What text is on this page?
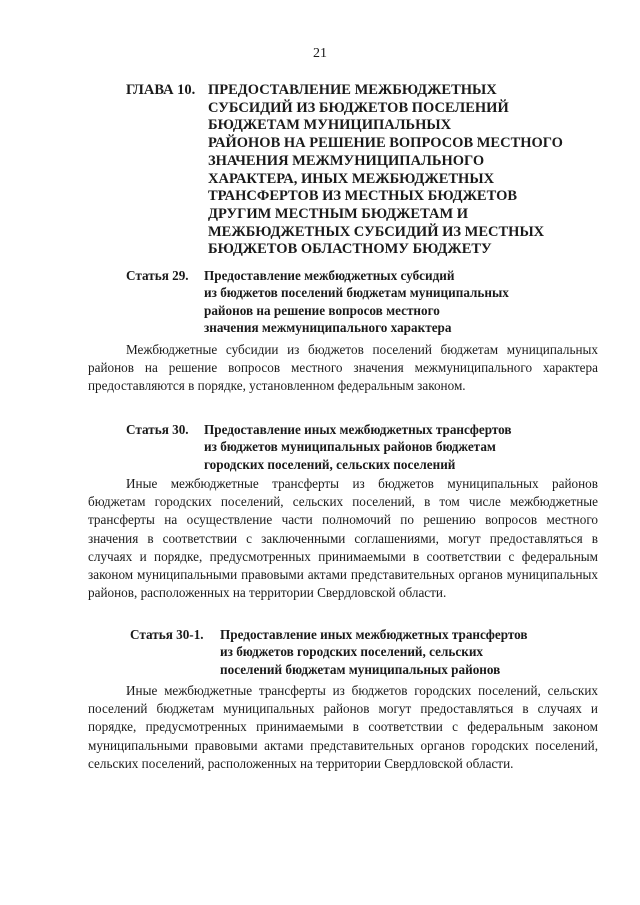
21
ГЛАВА 10. ПРЕДОСТАВЛЕНИЕ МЕЖБЮДЖЕТНЫХ
СУБСИДИЙ ИЗ БЮДЖЕТОВ ПОСЕЛЕНИЙ
БЮДЖЕТАМ МУНИЦИПАЛЬНЫХ
РАЙОНОВ НА РЕШЕНИЕ ВОПРОСОВ МЕСТНОГО
ЗНАЧЕНИЯ МЕЖМУНИЦИПАЛЬНОГО
ХАРАКТЕРА, ИНЫХ МЕЖБЮДЖЕТНЫХ
ТРАНСФЕРТОВ ИЗ МЕСТНЫХ БЮДЖЕТОВ
ДРУГИМ МЕСТНЫМ БЮДЖЕТАМ И
МЕЖБЮДЖЕТНЫХ СУБСИДИЙ ИЗ МЕСТНЫХ
БЮДЖЕТОВ ОБЛАСТНОМУ БЮДЖЕТУ
Статья 29.	Предоставление межбюджетных субсидий
из бюджетов поселений бюджетам муниципальных
районов на решение вопросов местного
значения межмуниципального характера

Межбюджетные субсидии из бюджетов поселений бюджетам муниципальных районов на решение вопросов местного значения межмуниципального характера предоставляются в порядке, установленном федеральным законом.

Статья 30.	Предоставление иных межбюджетных трансфертов
из бюджетов муниципальных районов бюджетам
городских поселений, сельских поселений

Иные межбюджетные трансферты из бюджетов муниципальных районов бюджетам городских поселений, сельских поселений, в том числе межбюджетные трансферты на осуществление части полномочий по решению вопросов местного значения в соответствии с заключенными соглашениями, могут предоставляться в случаях и порядке, предусмотренных принимаемыми в соответствии с федеральным законом муниципальными правовыми актами представительных органов муниципальных районов, расположенных на территории Свердловской области.

Статья 30-1.	Предоставление иных межбюджетных трансфертов
из бюджетов городских поселений, сельских
поселений бюджетам муниципальных районов

Иные межбюджетные трансферты из бюджетов городских поселений, сельских поселений бюджетам муниципальных районов могут предоставляться в случаях и порядке, предусмотренных принимаемыми в соответствии с федеральным законом муниципальными правовыми актами представительных органов городских поселений, сельских поселений, расположенных на территории Свердловской области.
